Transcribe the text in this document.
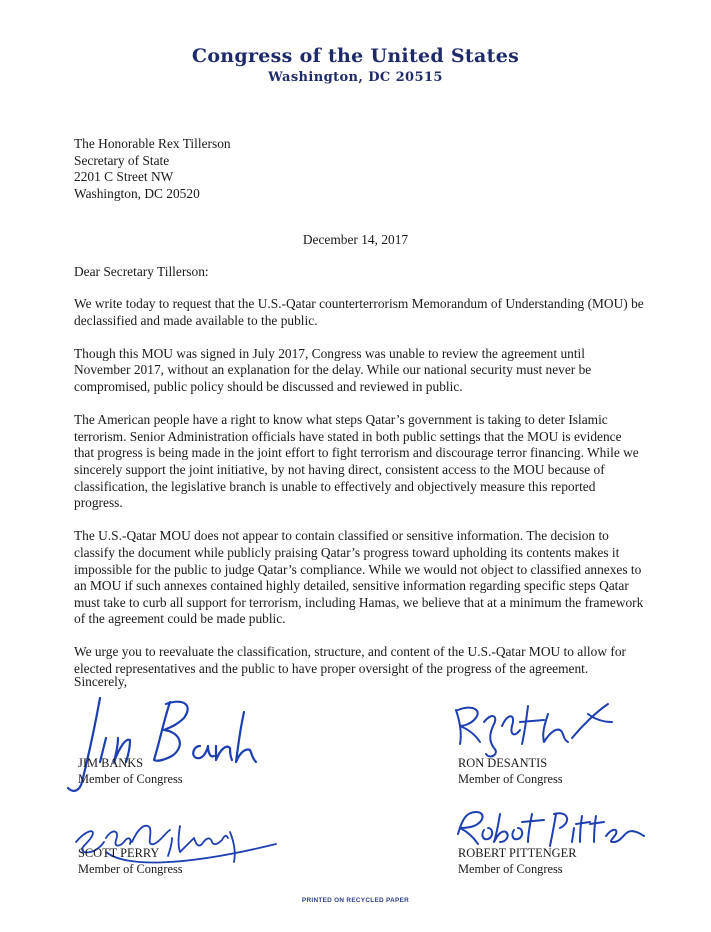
Congress of the United States
Washington, DC 20515
The Honorable Rex Tillerson
Secretary of State
2201 C Street NW
Washington, DC 20520
December 14, 2017
Dear Secretary Tillerson:

We write today to request that the U.S.-Qatar counterterrorism Memorandum of Understanding (MOU) be declassified and made available to the public.

Though this MOU was signed in July 2017, Congress was unable to review the agreement until November 2017, without an explanation for the delay. While our national security must never be compromised, public policy should be discussed and reviewed in public.

The American people have a right to know what steps Qatar’s government is taking to deter Islamic terrorism. Senior Administration officials have stated in both public settings that the MOU is evidence that progress is being made in the joint effort to fight terrorism and discourage terror financing. While we sincerely support the joint initiative, by not having direct, consistent access to the MOU because of classification, the legislative branch is unable to effectively and objectively measure this reported progress.

The U.S.-Qatar MOU does not appear to contain classified or sensitive information. The decision to classify the document while publicly praising Qatar’s progress toward upholding its contents makes it impossible for the public to judge Qatar’s compliance. While we would not object to classified annexes to an MOU if such annexes contained highly detailed, sensitive information regarding specific steps Qatar must take to curb all support for terrorism, including Hamas, we believe that at a minimum the framework of the agreement could be made public.

We urge you to reevaluate the classification, structure, and content of the U.S.-Qatar MOU to allow for elected representatives and the public to have proper oversight of the progress of the agreement.

Sincerely,
JIM BANKS
Member of Congress
RON DESANTIS
Member of Congress
SCOTT PERRY
Member of Congress
ROBERT PITTENGER
Member of Congress
PRINTED ON RECYCLED PAPER
